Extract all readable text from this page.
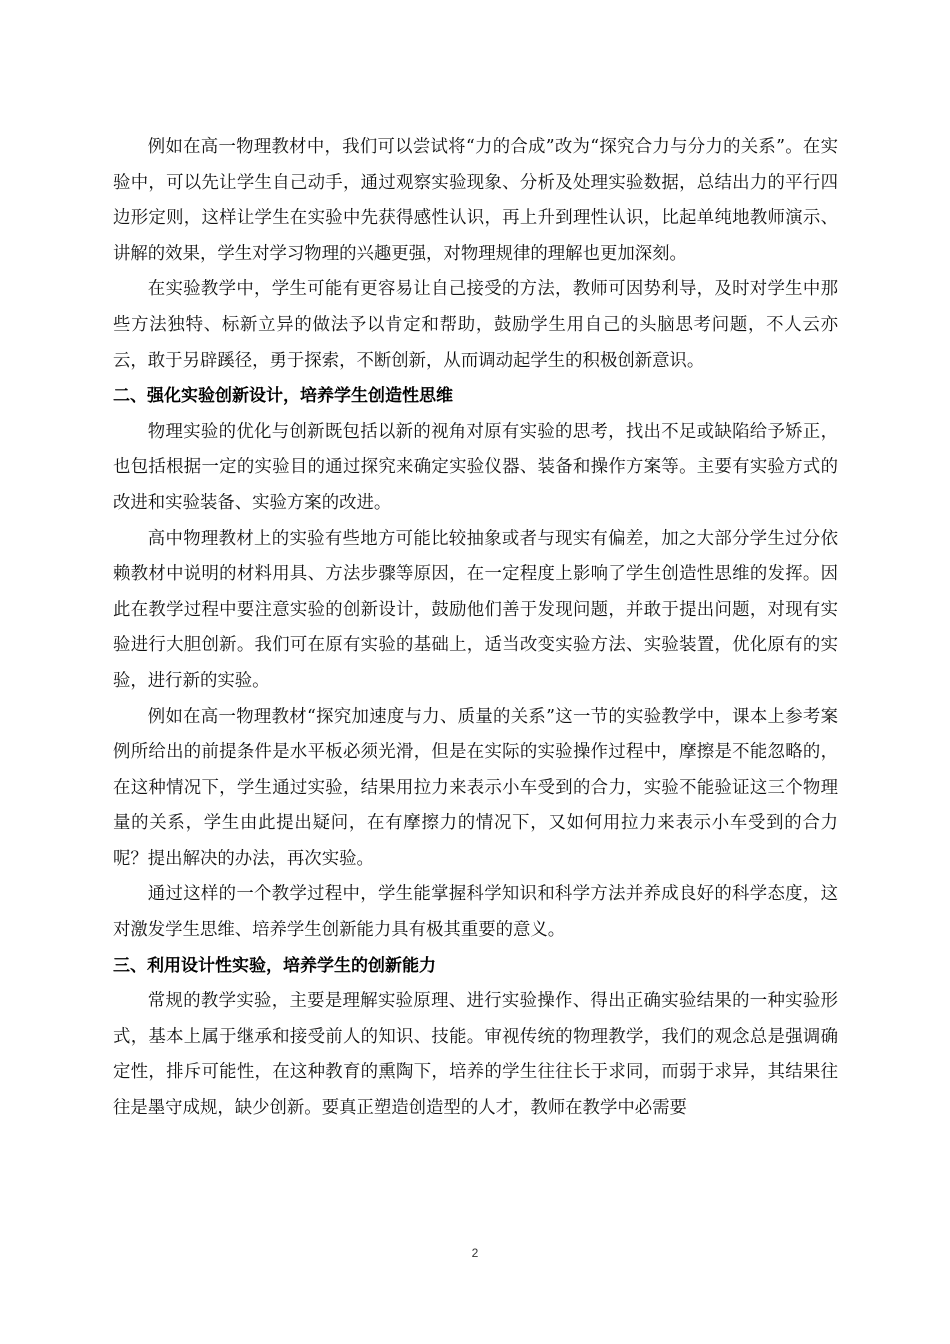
例如在高一物理教材中，我们可以尝试将“力的合成”改为“探究合力与分力的关系”。在实验中，可以先让学生自己动手，通过观察实验现象、分析及处理实验数据，总结出力的平行四边形定则，这样让学生在实验中先获得感性认识，再上升到理性认识，比起单纯地教师演示、讲解的效果，学生对学习物理的兴趣更强，对物理规律的理解也更加深刻。

在实验教学中，学生可能有更容易让自己接受的方法，教师可因势利导，及时对学生中那些方法独特、标新立异的做法予以肯定和帮助，鼓励学生用自己的头脑思考问题，不人云亦云，敢于另辟蹊径，勇于探索，不断创新，从而调动起学生的积极创新意识。

二、强化实验创新设计，培养学生创造性思维

物理实验的优化与创新既包括以新的视角对原有实验的思考，找出不足或缺陷给予矫正，也包括根据一定的实验目的通过探究来确定实验仪器、装备和操作方案等。主要有实验方式的改进和实验装备、实验方案的改进。

高中物理教材上的实验有些地方可能比较抽象或者与现实有偏差，加之大部分学生过分依赖教材中说明的材料用具、方法步骤等原因，在一定程度上影响了学生创造性思维的发挥。因此在教学过程中要注意实验的创新设计，鼓励他们善于发现问题，并敢于提出问题，对现有实验进行大胆创新。我们可在原有实验的基础上，适当改变实验方法、实验装置，优化原有的实验，进行新的实验。

例如在高一物理教材“探究加速度与力、质量的关系”这一节的实验教学中，课本上参考案例所给出的前提条件是水平板必须光滑，但是在实际的实验操作过程中，摩擦是不能忽略的，在这种情况下，学生通过实验，结果用拉力来表示小车受到的合力，实验不能验证这三个物理量的关系，学生由此提出疑问，在有摩擦力的情况下，又如何用拉力来表示小车受到的合力呢？提出解决的办法，再次实验。

通过这样的一个教学过程中，学生能掌握科学知识和科学方法并养成良好的科学态度，这对激发学生思维、培养学生创新能力具有极其重要的意义。

三、利用设计性实验，培养学生的创新能力

常规的教学实验，主要是理解实验原理、进行实验操作、得出正确实验结果的一种实验形式，基本上属于继承和接受前人的知识、技能。审视传统的物理教学，我们的观念总是强调确定性，排斥可能性，在这种教育的熏陶下，培养的学生往往长于求同，而弱于求异，其结果往往是墨守成规，缺少创新。要真正塑造创造型的人才，教师在教学中必需要

2
